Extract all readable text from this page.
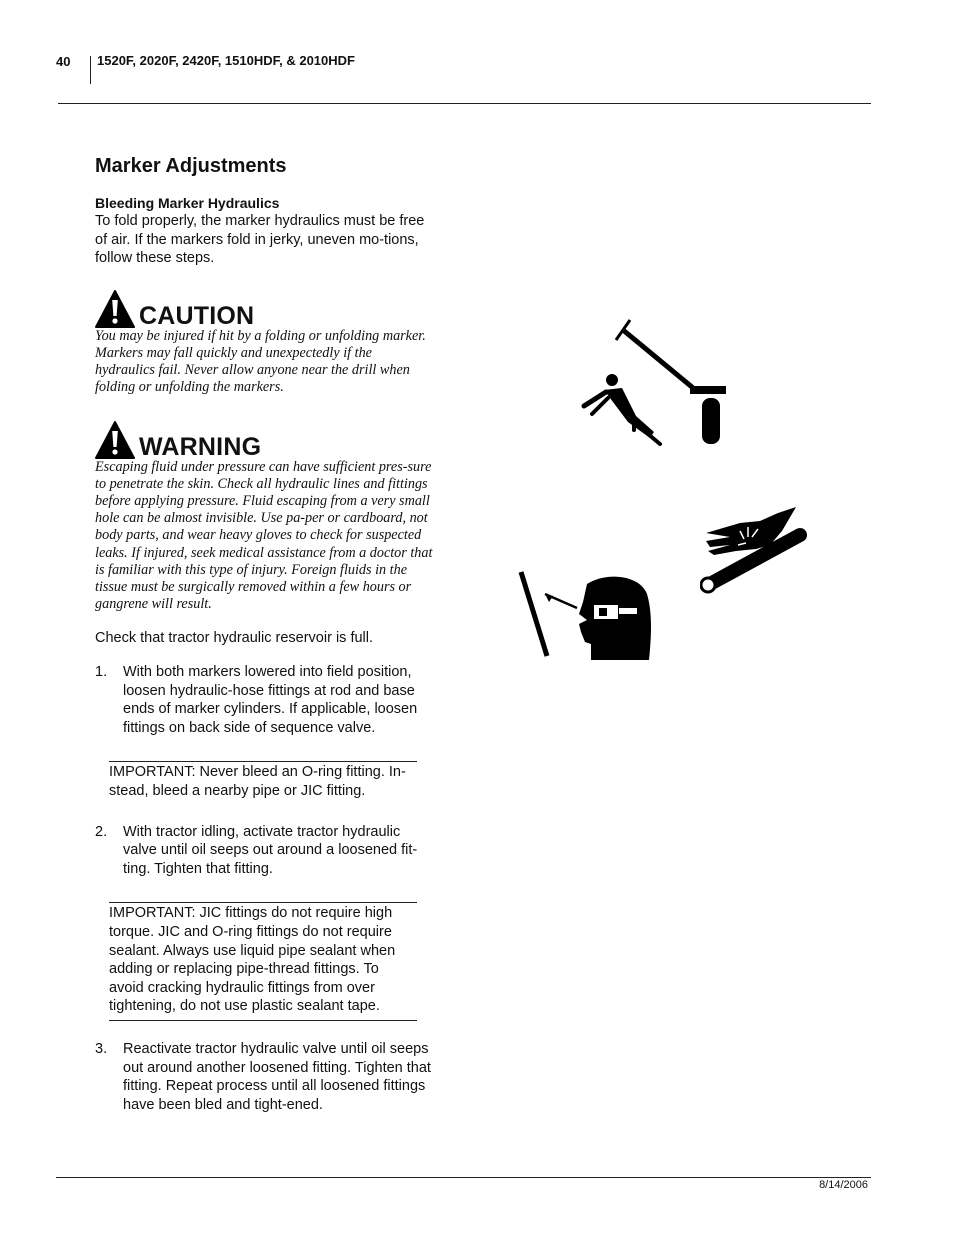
40 1520F, 2020F, 2420F, 1510HDF, & 2010HDF
Marker Adjustments

Bleeding Marker Hydraulics

To fold properly, the marker hydraulics must be free of air. If the markers fold in jerky, uneven mo-tions, follow these steps.

CAUTION

You may be injured if hit by a folding or unfolding marker. Markers may fall quickly and unexpectedly if the hydraulics fail. Never allow anyone near the drill when folding or unfolding the markers.

WARNING

Escaping fluid under pressure can have sufficient pres-sure to penetrate the skin. Check all hydraulic lines and fittings before applying pressure. Fluid escaping from a very small hole can be almost invisible. Use pa-per or cardboard, not body parts, and wear heavy gloves to check for suspected leaks. If injured, seek medical assistance from a doctor that is familiar with this type of injury. Foreign fluids in the tissue must be surgically removed within a few hours or gangrene will result.

Check that tractor hydraulic reservoir is full.

1. With both markers lowered into field position, loosen hydraulic-hose fittings at rod and base ends of marker cylinders. If applicable, loosen fittings on back side of sequence valve.
IMPORTANT: Never bleed an O-ring fitting. In-stead, bleed a nearby pipe or JIC fitting.
2. With tractor idling, activate tractor hydraulic valve until oil seeps out around a loosened fit-ting. Tighten that fitting.
IMPORTANT: JIC fittings do not require high torque. JIC and O-ring fittings do not require sealant. Always use liquid pipe sealant when adding or replacing pipe-thread fittings. To avoid cracking hydraulic fittings from over tightening, do not use plastic sealant tape.
3. Reactivate tractor hydraulic valve until oil seeps out around another loosened fitting. Tighten that fitting. Repeat process until all loosened fittings have been bled and tight-ened.
8/14/2006
